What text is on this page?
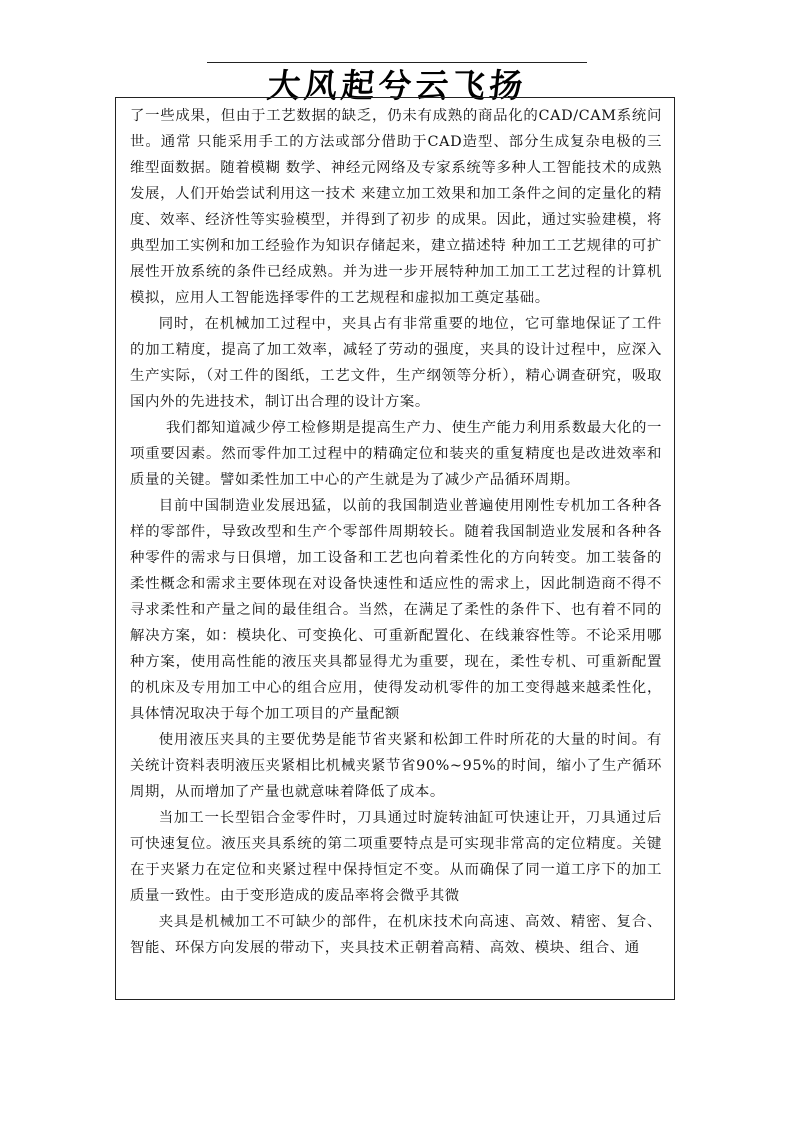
大风起兮云飞扬

了一些成果，但由于工艺数据的缺乏，仍未有成熟的商品化的CAD/CAM系统问世。通常 只能采用手工的方法或部分借助于CAD造型、部分生成复杂电极的三维型面数据。随着模糊 数学、神经元网络及专家系统等多种人工智能技术的成熟发展，人们开始尝试利用这一技术 来建立加工效果和加工条件之间的定量化的精度、效率、经济性等实验模型，并得到了初步 的成果。因此，通过实验建模，将典型加工实例和加工经验作为知识存储起来，建立描述特 种加工工艺规律的可扩展性开放系统的条件已经成熟。并为进一步开展特种加工加工工艺过程的计算机模拟，应用人工智能选择零件的工艺规程和虚拟加工奠定基础。

同时，在机械加工过程中，夹具占有非常重要的地位，它可靠地保证了工件的加工精度，提高了加工效率，减轻了劳动的强度，夹具的设计过程中，应深入生产实际，（对工件的图纸，工艺文件，生产纲领等分析），精心调查研究，吸取国内外的先进技术，制订出合理的设计方案。

我们都知道减少停工检修期是提高生产力、使生产能力利用系数最大化的一项重要因素。然而零件加工过程中的精确定位和装夹的重复精度也是改进效率和质量的关键。譬如柔性加工中心的产生就是为了减少产品循环周期。

目前中国制造业发展迅猛，以前的我国制造业普遍使用刚性专机加工各种各样的零部件，导致改型和生产个零部件周期较长。随着我国制造业发展和各种各种零件的需求与日俱增，加工设备和工艺也向着柔性化的方向转变。加工装备的柔性概念和需求主要体现在对设备快速性和适应性的需求上，因此制造商不得不寻求柔性和产量之间的最佳组合。当然，在满足了柔性的条件下、也有着不同的解决方案，如：模块化、可变换化、可重新配置化、在线兼容性等。不论采用哪种方案，使用高性能的液压夹具都显得尤为重要，现在，柔性专机、可重新配置的机床及专用加工中心的组合应用，使得发动机零件的加工变得越来越柔性化，具体情况取决于每个加工项目的产量配额

使用液压夹具的主要优势是能节省夹紧和松卸工件时所花的大量的时间。有关统计资料表明液压夹紧相比机械夹紧节省90%~95%的时间，缩小了生产循环周期，从而增加了产量也就意味着降低了成本。

当加工一长型铝合金零件时，刀具通过时旋转油缸可快速让开，刀具通过后可快速复位。液压夹具系统的第二项重要特点是可实现非常高的定位精度。关键在于夹紧力在定位和夹紧过程中保持恒定不变。从而确保了同一道工序下的加工质量一致性。由于变形造成的废品率将会微乎其微

夹具是机械加工不可缺少的部件，在机床技术向高速、高效、精密、复合、智能、环保方向发展的带动下，夹具技术正朝着高精、高效、模块、组合、通
